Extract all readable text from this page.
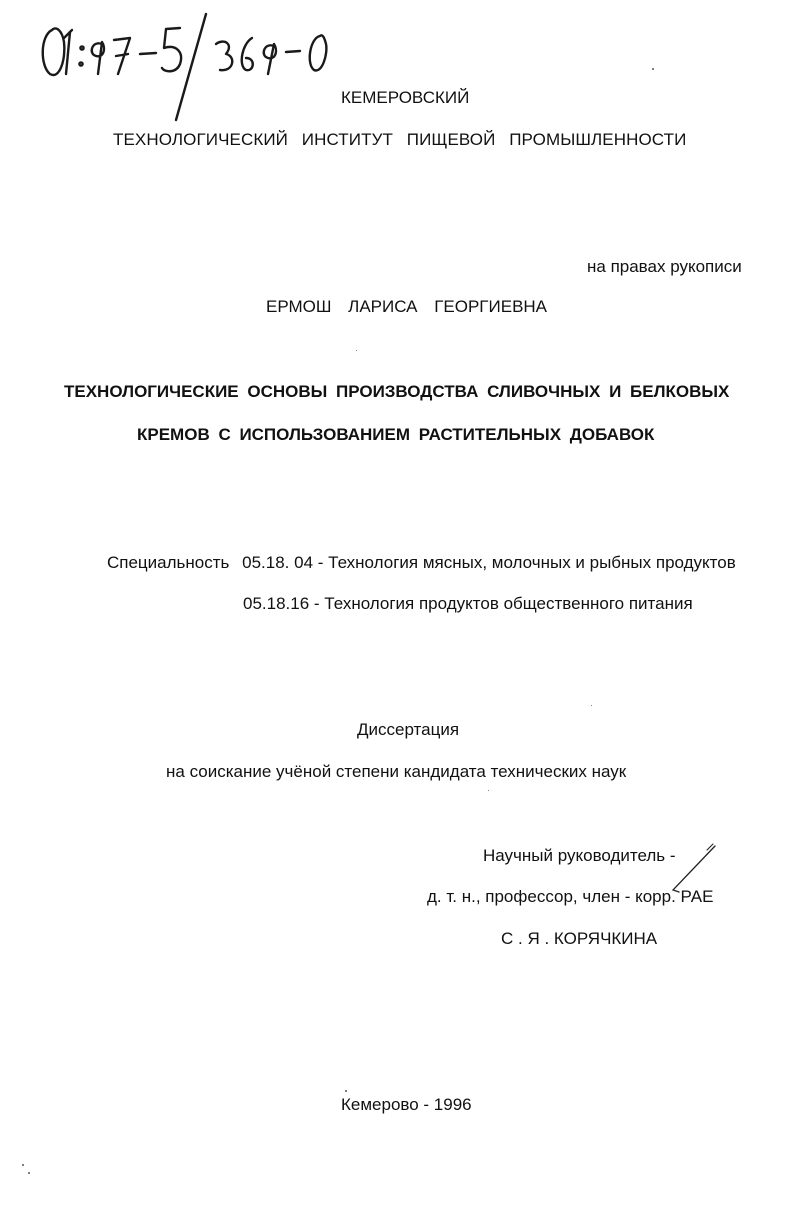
КЕМЕРОВСКИЙ
ТЕХНОЛОГИЧЕСКИЙ ИНСТИТУТ ПИЩЕВОЙ ПРОМЫШЛЕННОСТИ
на правах рукописи
ЕРМОШ ЛАРИСА ГЕОРГИЕВНА
ТЕХНОЛОГИЧЕСКИЕ ОСНОВЫ ПРОИЗВОДСТВА СЛИВОЧНЫХ И БЕЛКОВЫХ
КРЕМОВ С ИСПОЛЬЗОВАНИЕМ РАСТИТЕЛЬНЫХ ДОБАВОК
Специальность 05.18. 04 - Технология мясных, молочных и рыбных продуктов
05.18.16 - Технология продуктов общественного питания
Диссертация
на соискание учёной степени кандидата технических наук
Научный руководитель -
д. т. н., профессор, член - корр. РАЕ
С . Я . КОРЯЧКИНА
Кемерово - 1996
